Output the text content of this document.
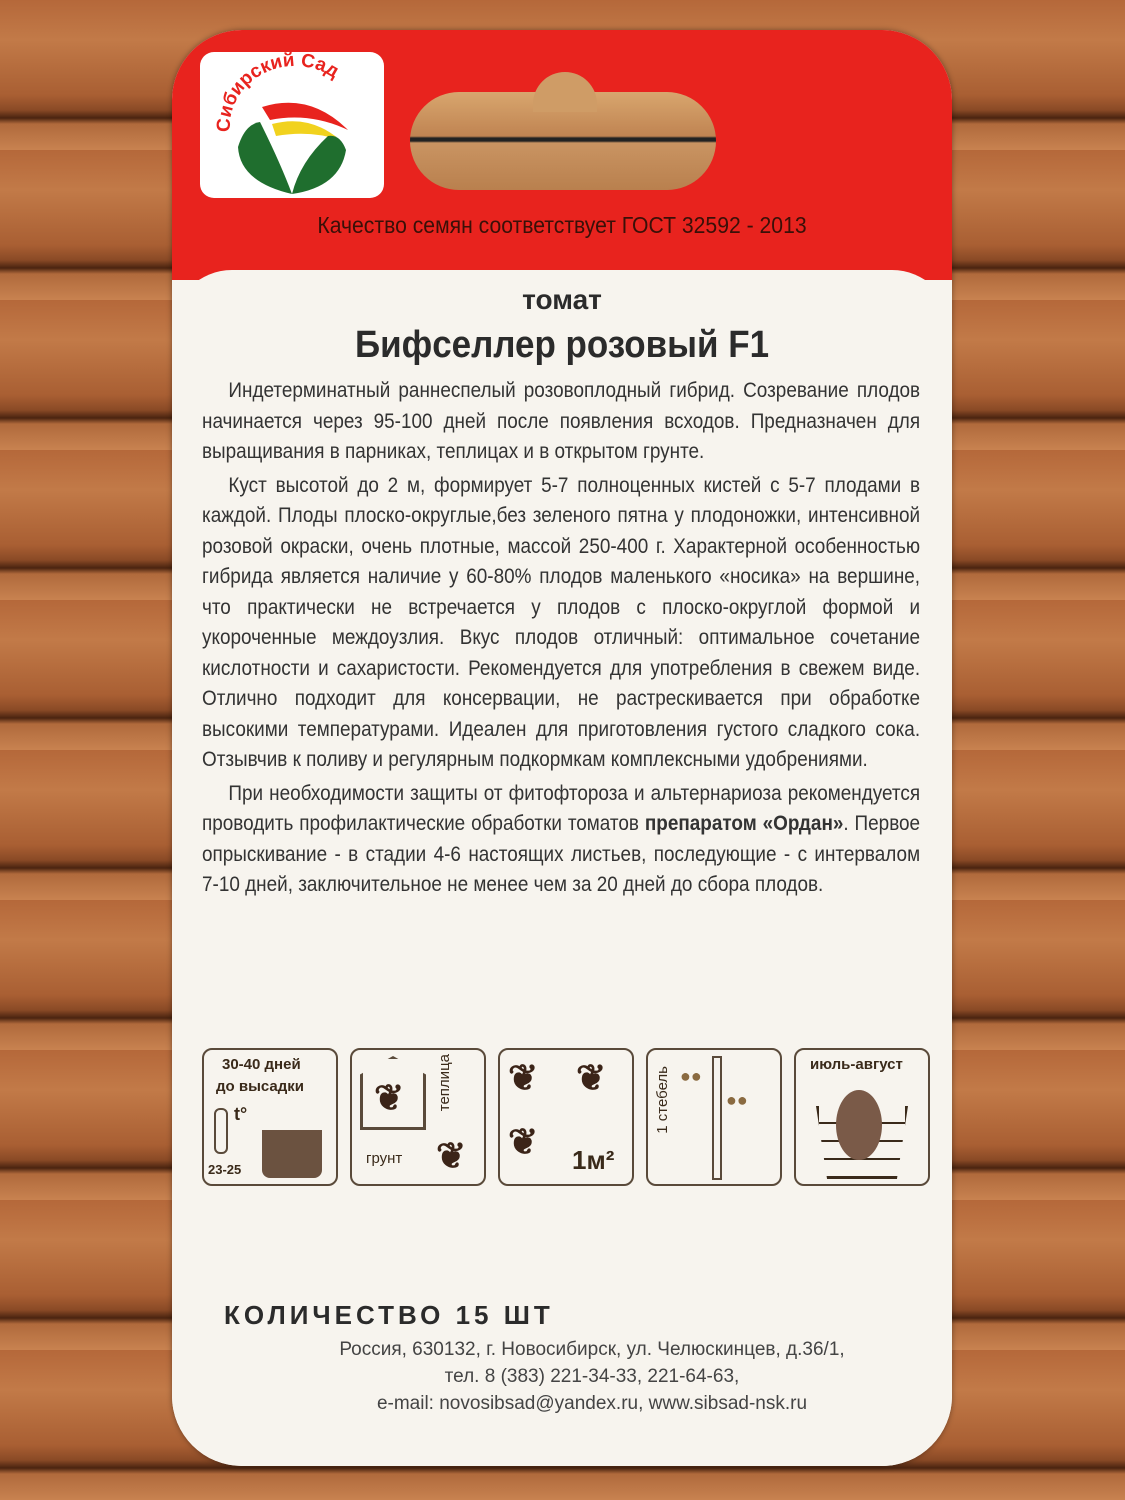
Сибирский Сад
Качество семян соответствует ГОСТ 32592 - 2013
томат
Бифселлер розовый F1

Индетерминатный раннеспелый розовоплодный гибрид. Созревание плодов начинается через 95-100 дней после появления всходов. Предназначен для выращивания в парниках, теплицах и в открытом грунте.

Куст высотой до 2 м, формирует 5-7 полноценных кистей с 5-7 плодами в каждой. Плоды плоско-округлые,без зеленого пятна у плодоножки, интенсивной розовой окраски, очень плотные, массой 250-400 г. Характерной особенностью гибрида является наличие у 60-80% плодов маленького «носика» на вершине, что практически не встречается у плодов с плоско-округлой формой и укороченные междоузлия. Вкус плодов отличный: оптимальное сочетание кислотности и сахаристости. Рекомендуется для употребления в свежем виде. Отлично подходит для консервации, не растрескивается при обработке высокими температурами. Идеален для приготовления густого сладкого сока. Отзывчив к поливу и регулярным подкормкам комплексными удобрениями.

При необходимости защиты от фитофтороза и альтернариоза рекомендуется проводить профилактические обработки томатов препаратом «Ордан». Первое опрыскивание - в стадии 4-6 настоящих листьев, последующие - с интервалом 7-10 дней, заключительное не менее чем за 20 дней до сбора плодов.

30-40 дней
до высадки
t°
23-25
❦ теплица
грунт ❦
❦ ❦
❦ 1м²
1 стебель ●●
●●
июль-август
КОЛИЧЕСТВО 15 ШТ
Россия, 630132, г. Новосибирск, ул. Челюскинцев, д.36/1,
тел. 8 (383) 221-34-33, 221-64-63,
e-mail: novosibsad@yandex.ru, www.sibsad-nsk.ru
